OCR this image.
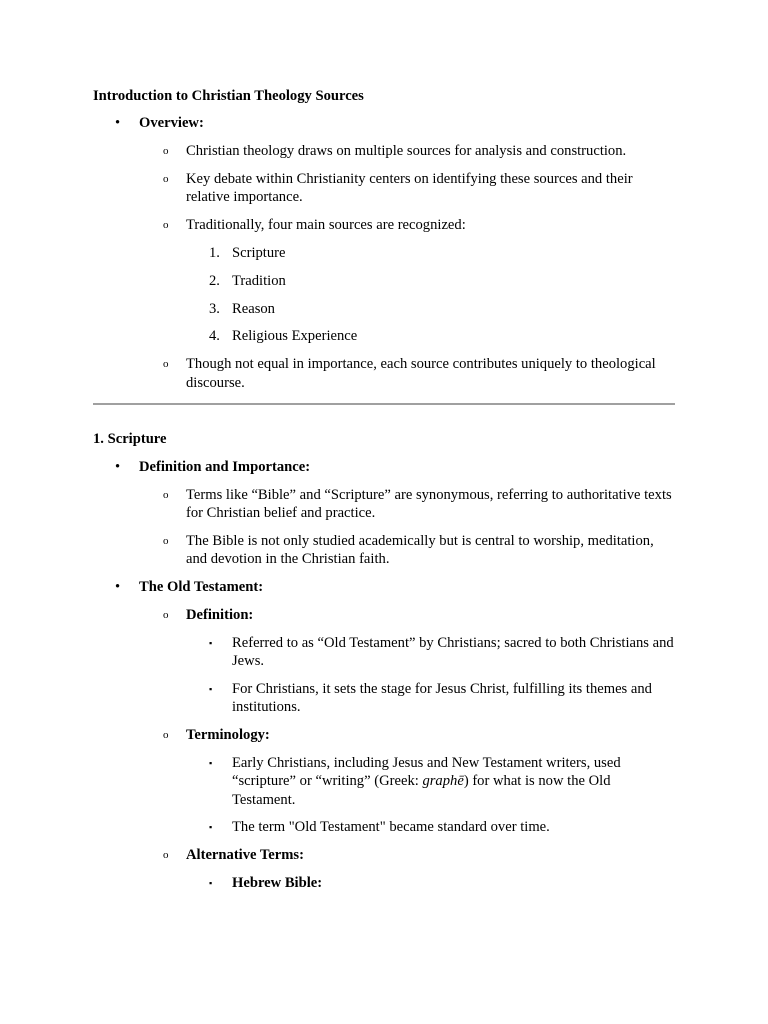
Introduction to Christian Theology Sources
• Overview:
o Christian theology draws on multiple sources for analysis and construction.
o Key debate within Christianity centers on identifying these sources and their relative importance.
o Traditionally, four main sources are recognized:
1. Scripture
2. Tradition
3. Reason
4. Religious Experience
o Though not equal in importance, each source contributes uniquely to theological discourse.
1. Scripture
• Definition and Importance:
o Terms like “Bible” and “Scripture” are synonymous, referring to authoritative texts for Christian belief and practice.
o The Bible is not only studied academically but is central to worship, meditation, and devotion in the Christian faith.
• The Old Testament:
o Definition:
▪ Referred to as “Old Testament” by Christians; sacred to both Christians and Jews.
▪ For Christians, it sets the stage for Jesus Christ, fulfilling its themes and institutions.
o Terminology:
▪ Early Christians, including Jesus and New Testament writers, used “scripture” or “writing” (Greek: graphē) for what is now the Old Testament.
▪ The term "Old Testament" became standard over time.
o Alternative Terms:
▪ Hebrew Bible:
